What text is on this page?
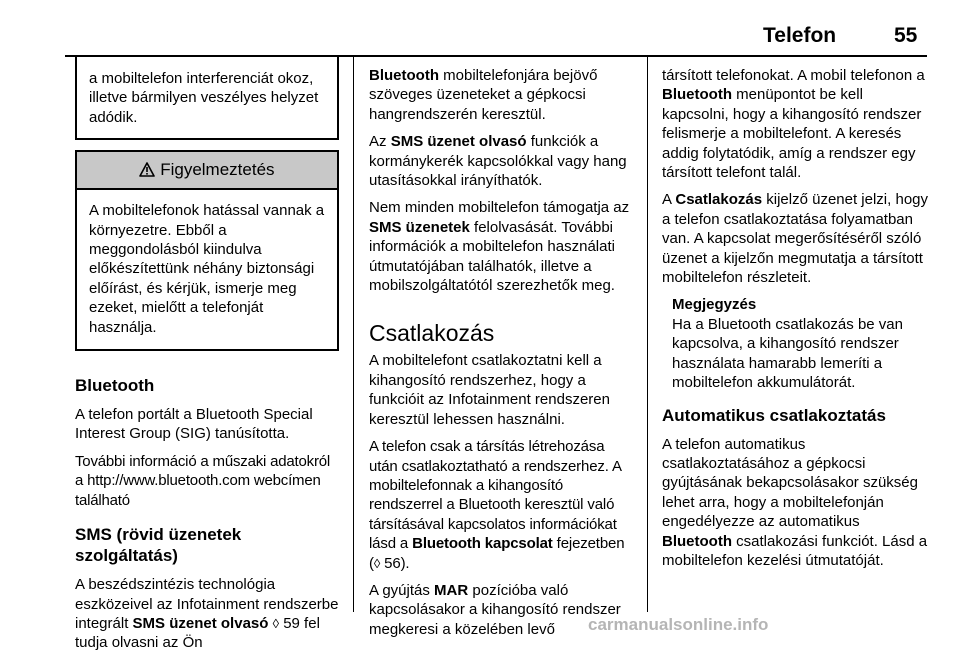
Telefon	55

a mobiltelefon interferenciát okoz, illetve bármilyen veszélyes helyzet adódik.

Figyelmeztetés
A mobiltelefonok hatással vannak a környezetre. Ebből a meggondolásból kiindulva előkészítettünk néhány biztonsági előírást, és kérjük, ismerje meg ezeket, mielőtt a telefonját használja.
Bluetooth

A telefon portált a Bluetooth Special Interest Group (SIG) tanúsította.

További információ a műszaki adatokról a http://www.bluetooth.com webcímen található

SMS (rövid üzenetek szolgáltatás)

A beszédszintézis technológia eszközeivel az Infotainment rendszerbe integrált SMS üzenet olvasó ◊ 59 fel tudja olvasni az Ön

Bluetooth mobiltelefonjára bejövő szöveges üzeneteket a gépkocsi hangrendszerén keresztül.

Az SMS üzenet olvasó funkciók a kormánykerék kapcsolókkal vagy hang utasításokkal irányíthatók.

Nem minden mobiltelefon támogatja az SMS üzenetek felolvasását. További információk a mobiltelefon használati útmutatójában találhatók, illetve a mobilszolgáltatótól szerezhetők meg.

Csatlakozás

A mobiltelefont csatlakoztatni kell a kihangosító rendszerhez, hogy a funkcióit az Infotainment rendszeren keresztül lehessen használni.

A telefon csak a társítás létrehozása után csatlakoztatható a rendszerhez. A mobiltelefonnak a kihangosító rendszerrel a Bluetooth keresztül való társításával kapcsolatos információkat lásd a Bluetooth kapcsolat fejezetben (◊ 56).

A gyújtás MAR pozícióba való kapcsolásakor a kihangosító rendszer megkeresi a közelében levő

társított telefonokat. A mobil telefonon a Bluetooth menüpontot be kell kapcsolni, hogy a kihangosító rendszer felismerje a mobiltelefont. A keresés addig folytatódik, amíg a rendszer egy társított telefont talál.

A Csatlakozás kijelző üzenet jelzi, hogy a telefon csatlakoztatása folyamatban van. A kapcsolat megerősítéséről szóló üzenet a kijelzőn megmutatja a társított mobiltelefon részleteit.

Megjegyzés
Ha a Bluetooth csatlakozás be van kapcsolva, a kihangosító rendszer használata hamarabb lemeríti a mobiltelefon akkumulátorát.
Automatikus csatlakoztatás

A telefon automatikus csatlakoztatásához a gépkocsi gyújtásának bekapcsolásakor szükség lehet arra, hogy a mobiltelefonján engedélyezze az automatikus Bluetooth csatlakozási funkciót. Lásd a mobiltelefon kezelési útmutatóját.

carmanualsonline.info
